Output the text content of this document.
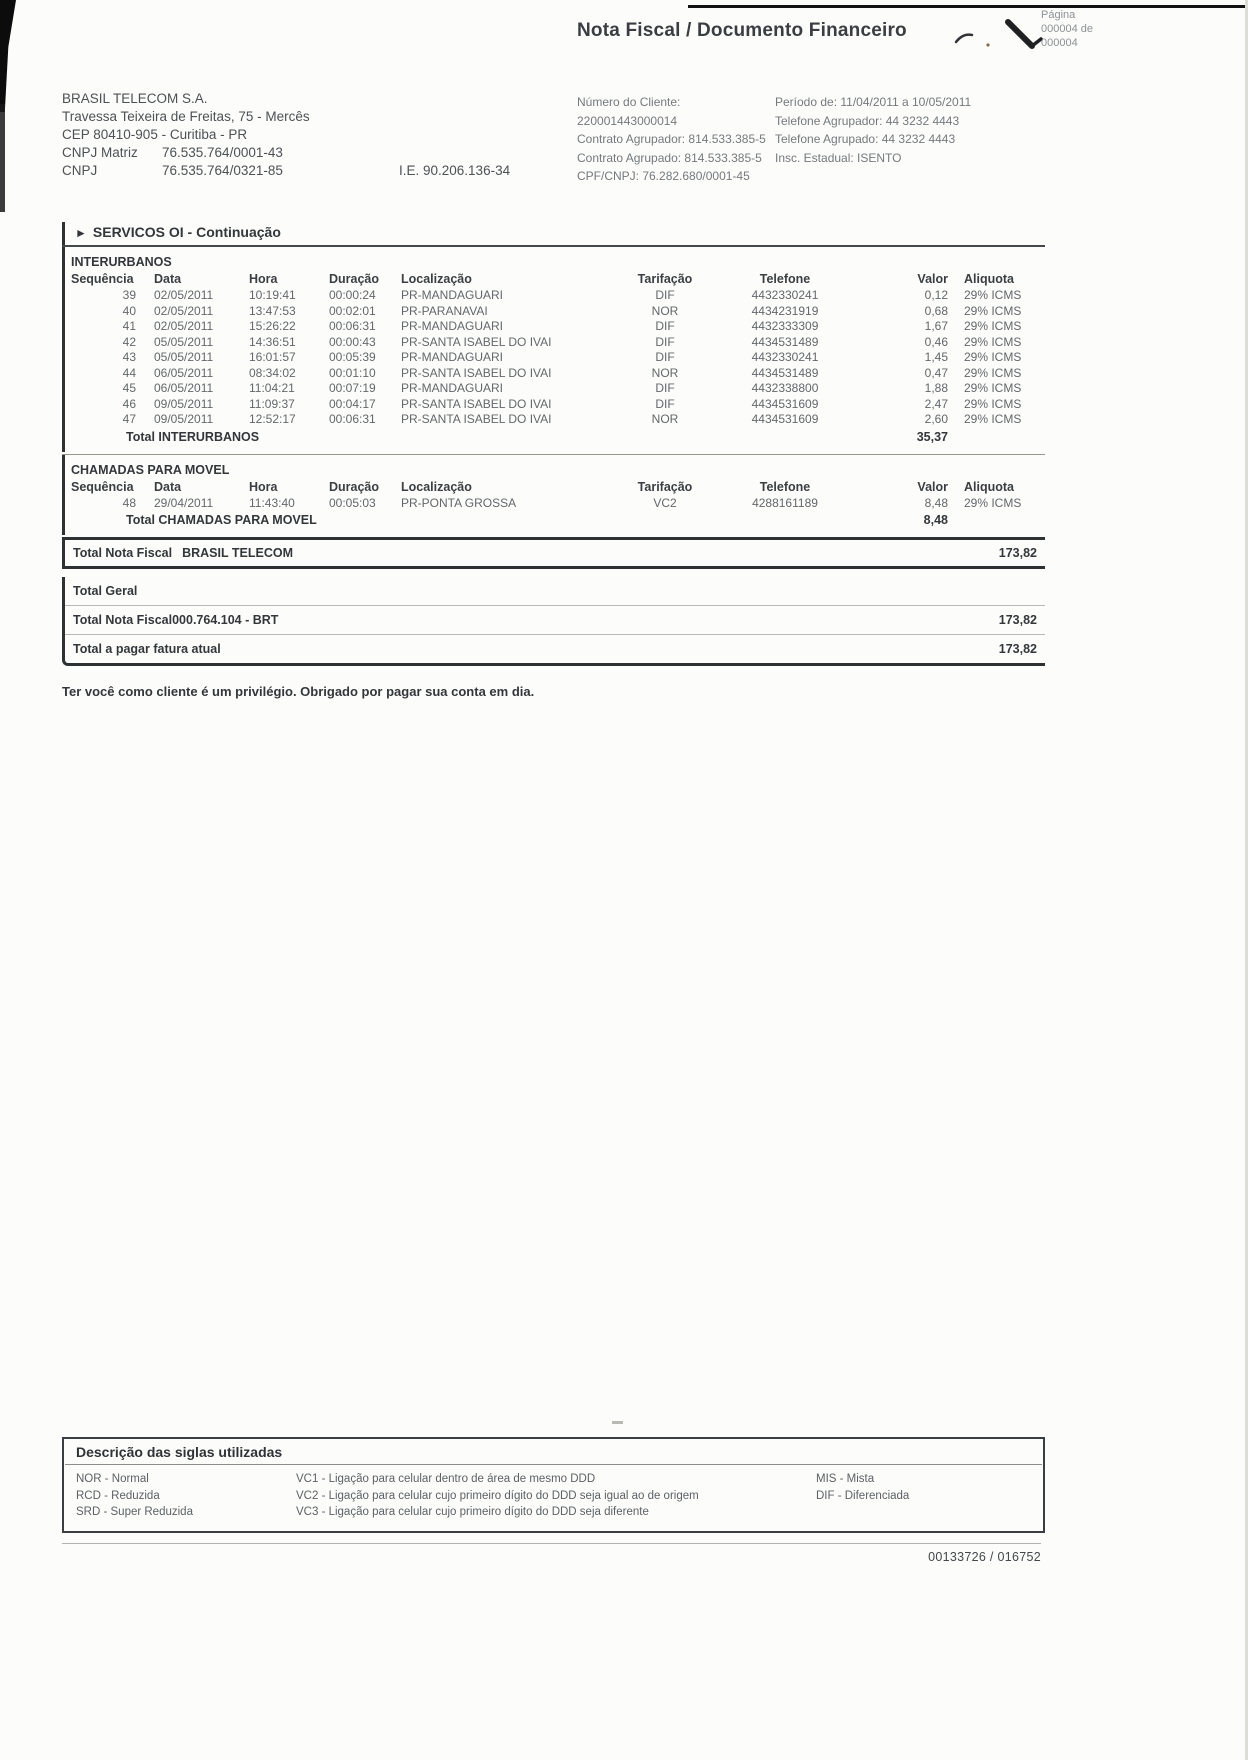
Nota Fiscal / Documento Financeiro
Página
000004 de
000004
BRASIL TELECOM S.A.
Travessa Teixeira de Freitas, 75 - Mercês
CEP 80410-905 - Curitiba - PR
CNPJ Matriz	76.535.764/0001-43
CNPJ	76.535.764/0321-85	I.E. 90.206.136-34
Número do Cliente: 220001443000014
Contrato Agrupador: 814.533.385-5
Contrato Agrupado: 814.533.385-5
CPF/CNPJ: 76.282.680/0001-45
Período de: 11/04/2011 a 10/05/2011
Telefone Agrupador: 44 3232 4443
Telefone Agrupado: 44 3232 4443
Insc. Estadual: ISENTO
► SERVICOS OI - Continuação
INTERURBANOS
Sequência	Data	Hora	Duração	Localização	Tarifação	Telefone	Valor	Aliquota
39	02/05/2011	10:19:41	00:00:24	PR-MANDAGUARI	DIF	4432330241	0,12	29% ICMS
40	02/05/2011	13:47:53	00:02:01	PR-PARANAVAI	NOR	4434231919	0,68	29% ICMS
41	02/05/2011	15:26:22	00:06:31	PR-MANDAGUARI	DIF	4432333309	1,67	29% ICMS
42	05/05/2011	14:36:51	00:00:43	PR-SANTA ISABEL DO IVAI	DIF	4434531489	0,46	29% ICMS
43	05/05/2011	16:01:57	00:05:39	PR-MANDAGUARI	DIF	4432330241	1,45	29% ICMS
44	06/05/2011	08:34:02	00:01:10	PR-SANTA ISABEL DO IVAI	NOR	4434531489	0,47	29% ICMS
45	06/05/2011	11:04:21	00:07:19	PR-MANDAGUARI	DIF	4432338800	1,88	29% ICMS
46	09/05/2011	11:09:37	00:04:17	PR-SANTA ISABEL DO IVAI	DIF	4434531609	2,47	29% ICMS
47	09/05/2011	12:52:17	00:06:31	PR-SANTA ISABEL DO IVAI	NOR	4434531609	2,60	29% ICMS
Total INTERURBANOS	35,37
CHAMADAS PARA MOVEL
Sequência	Data	Hora	Duração	Localização	Tarifação	Telefone	Valor	Aliquota
48	29/04/2011	11:43:40	00:05:03	PR-PONTA GROSSA	VC2	4288161189	8,48	29% ICMS
Total CHAMADAS PARA MOVEL	8,48
Total Nota Fiscal BRASIL TELECOM	173,82
Total Geral
Total Nota Fiscal000.764.104 - BRT	173,82
Total a pagar fatura atual	173,82
Ter você como cliente é um privilégio. Obrigado por pagar sua conta em dia.
Descrição das siglas utilizadas
NOR - Normal
RCD - Reduzida
SRD - Super Reduzida
VC1 - Ligação para celular dentro de área de mesmo DDD
VC2 - Ligação para celular cujo primeiro dígito do DDD seja igual ao de origem
VC3 - Ligação para celular cujo primeiro dígito do DDD seja diferente
MIS - Mista
DIF - Diferenciada
00133726 / 016752
